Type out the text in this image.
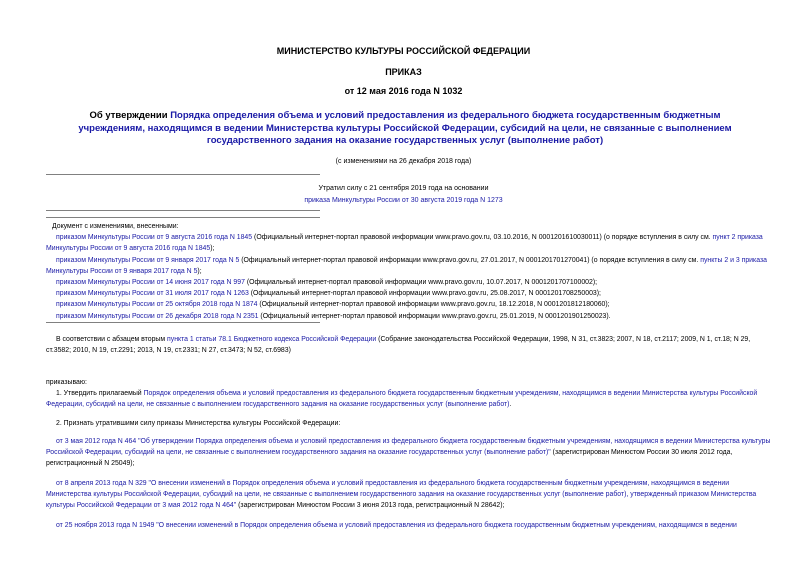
МИНИСТЕРСТВО КУЛЬТУРЫ РОССИЙСКОЙ ФЕДЕРАЦИИ
ПРИКАЗ
от 12 мая 2016 года N 1032
Об утверждении Порядка определения объема и условий предоставления из федерального бюджета государственным бюджетным учреждениям, находящимся в ведении Министерства культуры Российской Федерации, субсидий на цели, не связанные с выполнением государственного задания на оказание государственных услуг (выполнение работ)
(с изменениями на 26 декабря 2018 года)
Утратил силу с 21 сентября 2019 года на основании
приказа Минкультуры России от 30 августа 2019 года N 1273

Документ с изменениями, внесенными:

приказом Минкультуры России от 9 августа 2016 года N 1845 (Официальный интернет-портал правовой информации www.pravo.gov.ru, 03.10.2016, N 0001201610030011) (о порядке вступления в силу см. пункт 2 приказа Минкультуры России от 9 августа 2016 года N 1845);

приказом Минкультуры России от 9 января 2017 года N 5 (Официальный интернет-портал правовой информации www.pravo.gov.ru, 27.01.2017, N 0001201701270041) (о порядке вступления в силу см. пункты 2 и 3 приказа Минкультуры России от 9 января 2017 года N 5);

приказом Минкультуры России от 14 июня 2017 года N 997 (Официальный интернет-портал правовой информации www.pravo.gov.ru, 10.07.2017, N 0001201707100002);

приказом Минкультуры России от 31 июля 2017 года N 1263 (Официальный интернет-портал правовой информации www.pravo.gov.ru, 25.08.2017, N 0001201708250003);

приказом Минкультуры России от 25 октября 2018 года N 1874 (Официальный интернет-портал правовой информации www.pravo.gov.ru, 18.12.2018, N 0001201812180060);

приказом Минкультуры России от 26 декабря 2018 года N 2351 (Официальный интернет-портал правовой информации www.pravo.gov.ru, 25.01.2019, N 0001201901250023).

В соответствии с абзацем вторым пункта 1 статьи 78.1 Бюджетного кодекса Российской Федерации (Собрание законодательства Российской Федерации, 1998, N 31, ст.3823; 2007, N 18, ст.2117; 2009, N 1, ст.18; N 29, ст.3582; 2010, N 19, ст.2291; 2013, N 19, ст.2331; N 27, ст.3473; N 52, ст.6983)

приказываю:

1. Утвердить прилагаемый Порядок определения объема и условий предоставления из федерального бюджета государственным бюджетным учреждениям, находящимся в ведении Министерства культуры Российской Федерации, субсидий на цели, не связанные с выполнением государственного задания на оказание государственных услуг (выполнение работ).

2. Признать утратившими силу приказы Министерства культуры Российской Федерации:

от 3 мая 2012 года N 464 "Об утверждении Порядка определения объема и условий предоставления из федерального бюджета государственным бюджетным учреждениям, находящимся в ведении Министерства культуры Российской Федерации, субсидий на цели, не связанные с выполнением государственного задания на оказание государственных услуг (выполнение работ)" (зарегистрирован Минюстом России 30 июля 2012 года, регистрационный N 25049);

от 8 апреля 2013 года N 329 "О внесении изменений в Порядок определения объема и условий предоставления из федерального бюджета государственным бюджетным учреждениям, находящимся в ведении Министерства культуры Российской Федерации, субсидий на цели, не связанные с выполнением государственного задания на оказание государственных услуг (выполнение работ), утвержденный приказом Министерства культуры Российской Федерации от 3 мая 2012 года N 464" (зарегистрирован Минюстом России 3 июня 2013 года, регистрационный N 28642);

от 25 ноября 2013 года N 1949 "О внесении изменений в Порядок определения объема и условий предоставления из федерального бюджета государственным бюджетным учреждениям, находящимся в ведении
